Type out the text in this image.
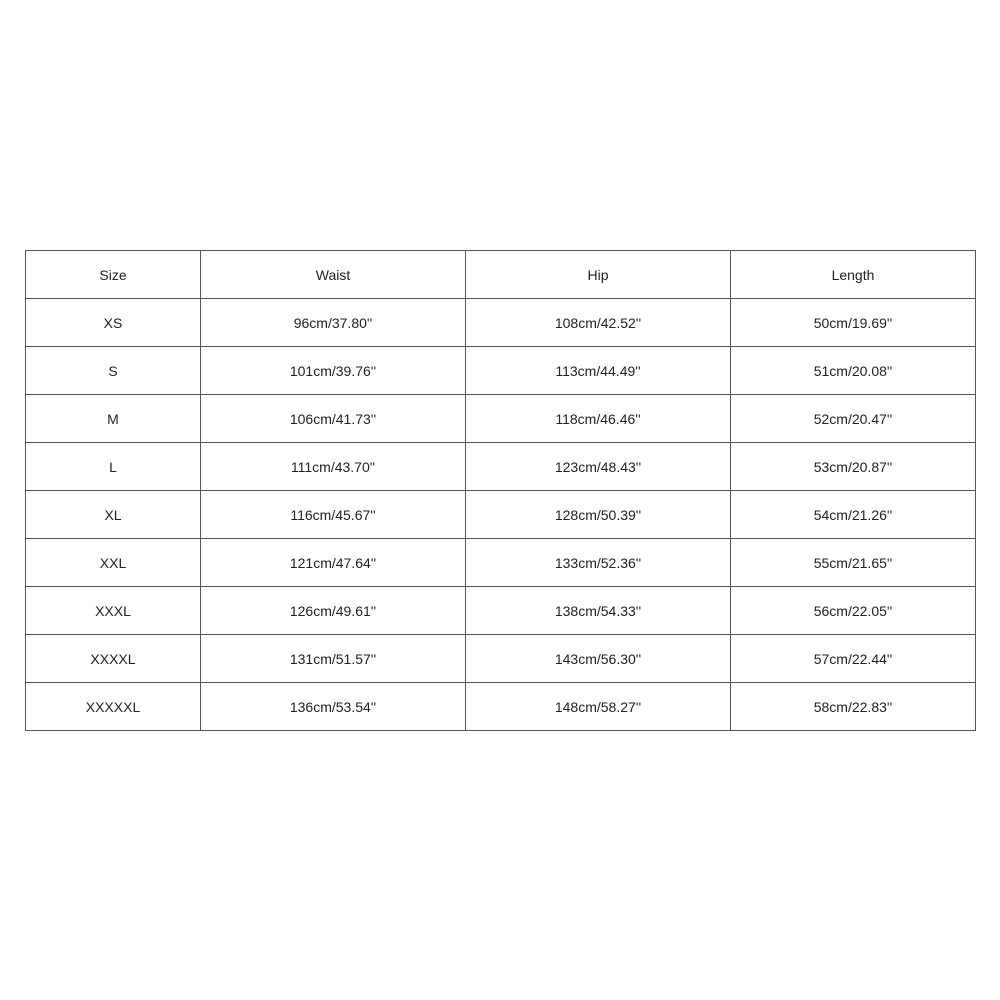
Size	Waist	Hip	Length
XS	96cm/37.80''	108cm/42.52''	50cm/19.69''
S	101cm/39.76''	113cm/44.49''	51cm/20.08''
M	106cm/41.73''	118cm/46.46''	52cm/20.47''
L	111cm/43.70''	123cm/48.43''	53cm/20.87''
XL	116cm/45.67''	128cm/50.39''	54cm/21.26''
XXL	121cm/47.64''	133cm/52.36''	55cm/21.65''
XXXL	126cm/49.61''	138cm/54.33''	56cm/22.05''
XXXXL	131cm/51.57''	143cm/56.30''	57cm/22.44''
XXXXXL	136cm/53.54''	148cm/58.27''	58cm/22.83''
